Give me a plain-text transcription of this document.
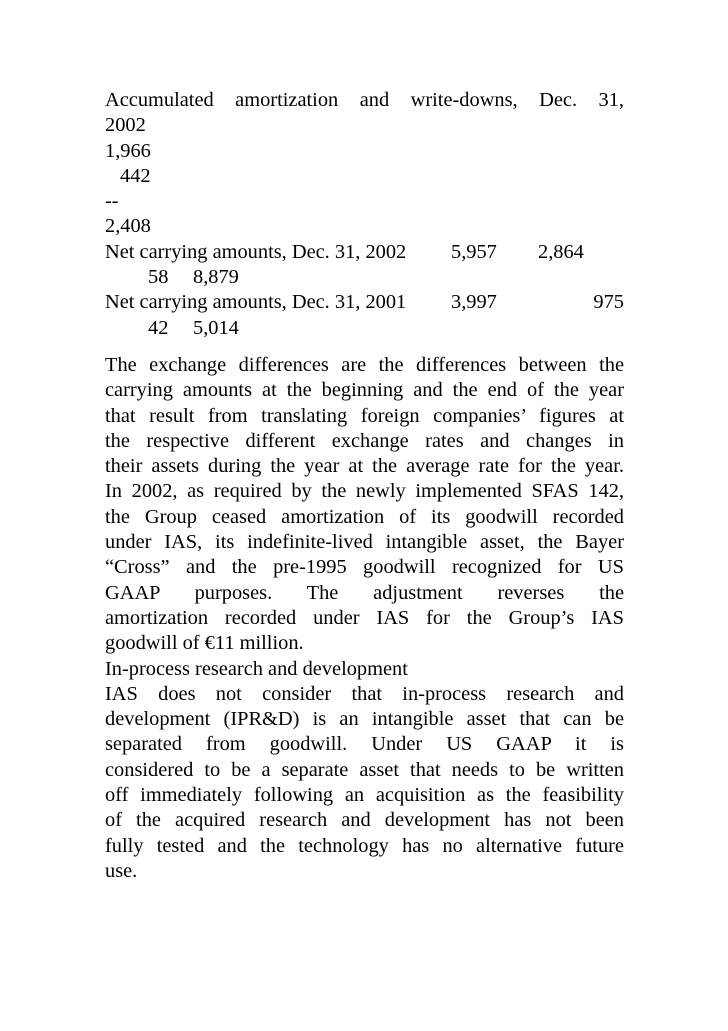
Accumulated amortization and write-downs, Dec. 31,
2002
1,966
442
--
2,408
Net carrying amounts, Dec. 31, 2002 5,957 2,864
58 8,879
Net carrying amounts, Dec. 31, 2001 3,997	975
42 5,014
The exchange differences are the differences between the
carrying amounts at the beginning and the end of the year
that result from translating foreign companies’ figures at
the respective different exchange rates and changes in
their assets during the year at the average rate for the year.
In 2002, as required by the newly implemented SFAS 142,
the Group ceased amortization of its goodwill recorded
under IAS, its indefinite-lived intangible asset, the Bayer
“Cross” and the pre-1995 goodwill recognized for US
GAAP purposes. The adjustment reverses the
amortization recorded under IAS for the Group’s IAS
goodwill of €11 million.
In-process research and development
IAS does not consider that in-process research and
development (IPR&D) is an intangible asset that can be
separated from goodwill. Under US GAAP it is
considered to be a separate asset that needs to be written
off immediately following an acquisition as the feasibility
of the acquired research and development has not been
fully tested and the technology has no alternative future
use.
